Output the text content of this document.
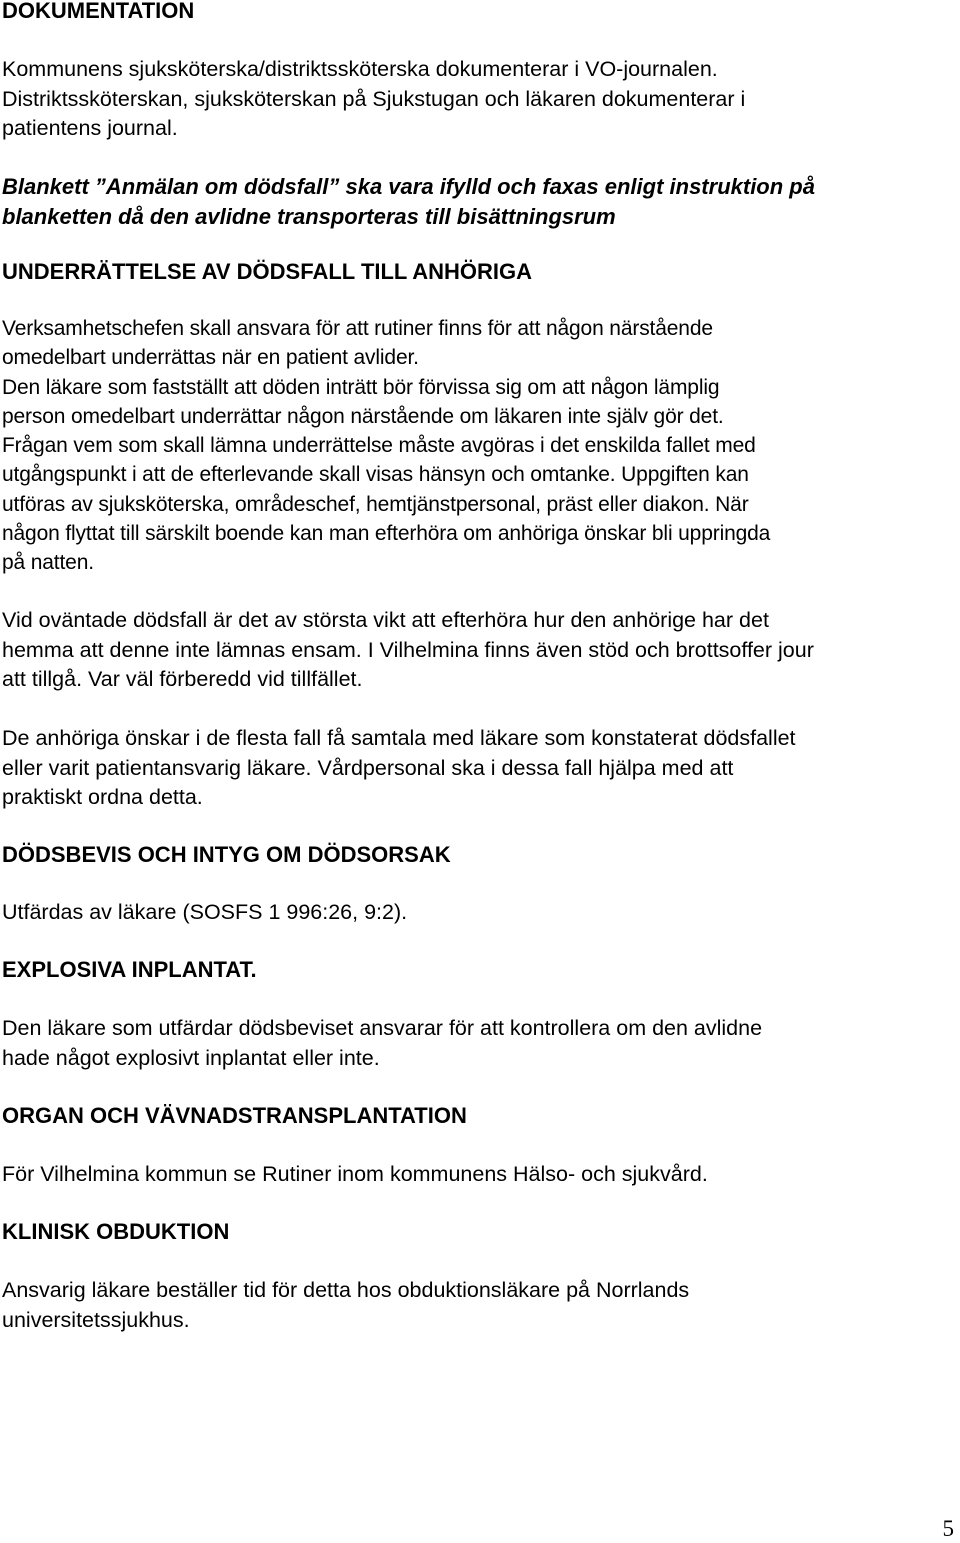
DOKUMENTATION

Kommunens sjuksköterska/distriktssköterska dokumenterar i VO-journalen.
Distriktssköterskan, sjuksköterskan på Sjukstugan och läkaren dokumenterar i
patientens journal.

Blankett ”Anmälan om dödsfall” ska vara ifylld och faxas enligt instruktion på
blanketten då den avlidne transporteras till bisättningsrum

UNDERRÄTTELSE AV DÖDSFALL TILL ANHÖRIGA

Verksamhetschefen skall ansvara för att rutiner finns för att någon närstående
omedelbart underrättas när en patient avlider.
Den läkare som fastställt att döden inträtt bör förvissa sig om att någon lämplig
person omedelbart underrättar någon närstående om läkaren inte själv gör det.
Frågan vem som skall lämna underrättelse måste avgöras i det enskilda fallet med
utgångspunkt i att de efterlevande skall visas hänsyn och omtanke. Uppgiften kan
utföras av sjuksköterska, områdeschef, hemtjänstpersonal, präst eller diakon. När
någon flyttat till särskilt boende kan man efterhöra om anhöriga önskar bli uppringda
på natten.

Vid oväntade dödsfall är det av största vikt att efterhöra hur den anhörige har det
hemma att denne inte lämnas ensam. I Vilhelmina finns även stöd och brottsoffer jour
att tillgå. Var väl förberedd vid tillfället.

De anhöriga önskar i de flesta fall få samtala med läkare som konstaterat dödsfallet
eller varit patientansvarig läkare. Vårdpersonal ska i dessa fall hjälpa med att
praktiskt ordna detta.

DÖDSBEVIS OCH INTYG OM DÖDSORSAK

Utfärdas av läkare (SOSFS 1 996:26, 9:2).

EXPLOSIVA INPLANTAT.

Den läkare som utfärdar dödsbeviset ansvarar för att kontrollera om den avlidne
hade något explosivt inplantat eller inte.

ORGAN OCH VÄVNADSTRANSPLANTATION

För Vilhelmina kommun se Rutiner inom kommunens Hälso- och sjukvård.

KLINISK OBDUKTION

Ansvarig läkare beställer tid för detta hos obduktionsläkare på Norrlands
universitetssjukhus.

5
